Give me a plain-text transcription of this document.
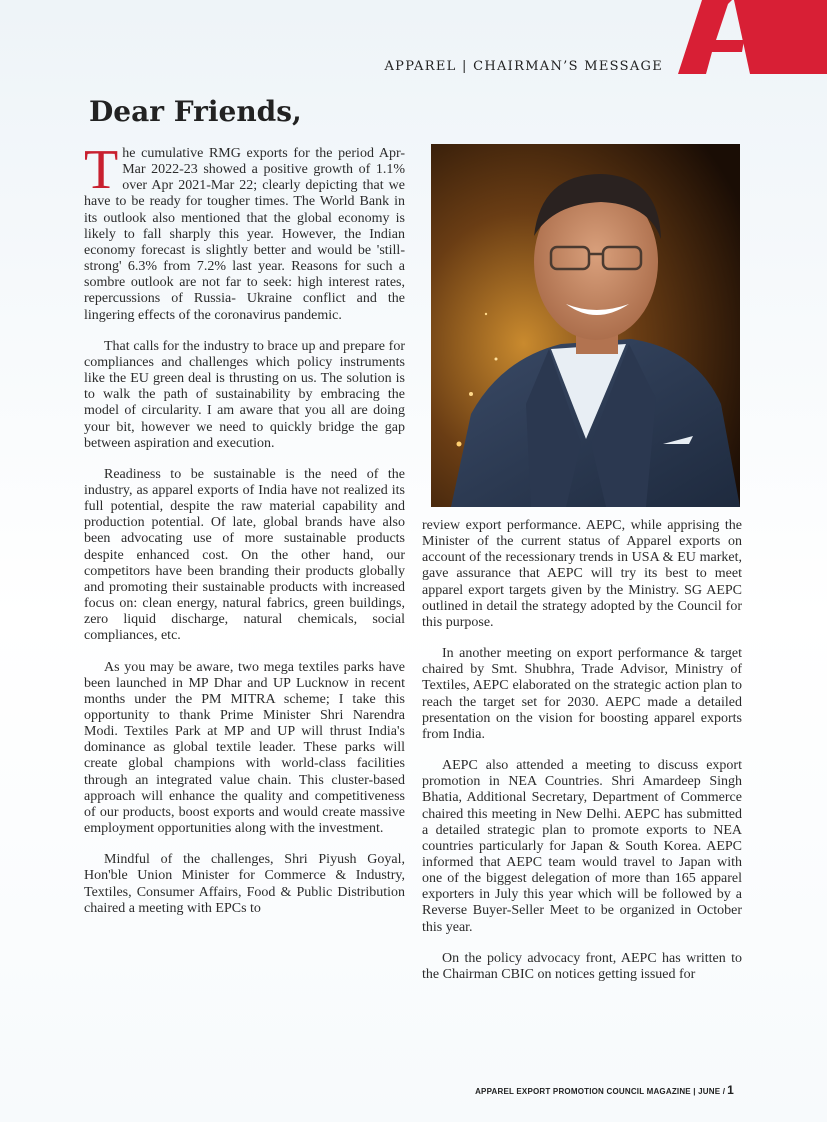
APPAREL | CHAIRMAN’S MESSAGE
Dear Friends,

The cumulative RMG exports for the period Apr-Mar 2022-23 showed a positive growth of 1.1% over Apr 2021-Mar 22; clearly depicting that we have to be ready for tougher times. The World Bank in its outlook also mentioned that the global economy is likely to fall sharply this year. However, the Indian economy forecast is slightly better and would be 'still-strong' 6.3% from 7.2% last year. Reasons for such a sombre outlook are not far to seek: high interest rates, repercussions of Russia- Ukraine conflict and the lingering effects of the coronavirus pandemic.

That calls for the industry to brace up and prepare for compliances and challenges which policy instruments like the EU green deal is thrusting on us. The solution is to walk the path of sustainability by embracing the model of circularity. I am aware that you all are doing your bit, however we need to quickly bridge the gap between aspiration and execution.

Readiness to be sustainable is the need of the industry, as apparel exports of India have not realized its full potential, despite the raw material capability and production potential. Of late, global brands have also been advocating use of more sustainable products despite enhanced cost. On the other hand, our competitors have been branding their products globally and promoting their sustainable products with increased focus on: clean energy, natural fabrics, green buildings, zero liquid discharge, natural chemicals, social compliances, etc.

As you may be aware, two mega textiles parks have been launched in MP Dhar and UP Lucknow in recent months under the PM MITRA scheme; I take this opportunity to thank Prime Minister Shri Narendra Modi. Textiles Park at MP and UP will thrust India's dominance as global textile leader. These parks will create global champions with world-class facilities through an integrated value chain. This cluster-based approach will enhance the quality and competitiveness of our products, boost exports and would create massive employment opportunities along with the investment.

Mindful of the challenges, Shri Piyush Goyal, Hon'ble Union Minister for Commerce & Industry, Textiles, Consumer Affairs, Food & Public Distribution chaired a meeting with EPCs to

review export performance. AEPC, while apprising the Minister of the current status of Apparel exports on account of the recessionary trends in USA & EU market, gave assurance that AEPC will try its best to meet apparel export targets given by the Ministry. SG AEPC outlined in detail the strategy adopted by the Council for this purpose.

In another meeting on export performance & target chaired by Smt. Shubhra, Trade Advisor, Ministry of Textiles, AEPC elaborated on the strategic action plan to reach the target set for 2030. AEPC made a detailed presentation on the vision for boosting apparel exports from India.

AEPC also attended a meeting to discuss export promotion in NEA Countries. Shri Amardeep Singh Bhatia, Additional Secretary, Department of Commerce chaired this meeting in New Delhi. AEPC has submitted a detailed strategic plan to promote exports to NEA countries particularly for Japan & South Korea. AEPC informed that AEPC team would travel to Japan with one of the biggest delegation of more than 165 apparel exporters in July this year which will be followed by a Reverse Buyer-Seller Meet to be organized in October this year.

On the policy advocacy front, AEPC has written to the Chairman CBIC on notices getting issued for

APPAREL EXPORT PROMOTION COUNCIL MAGAZINE | JUNE / 1
